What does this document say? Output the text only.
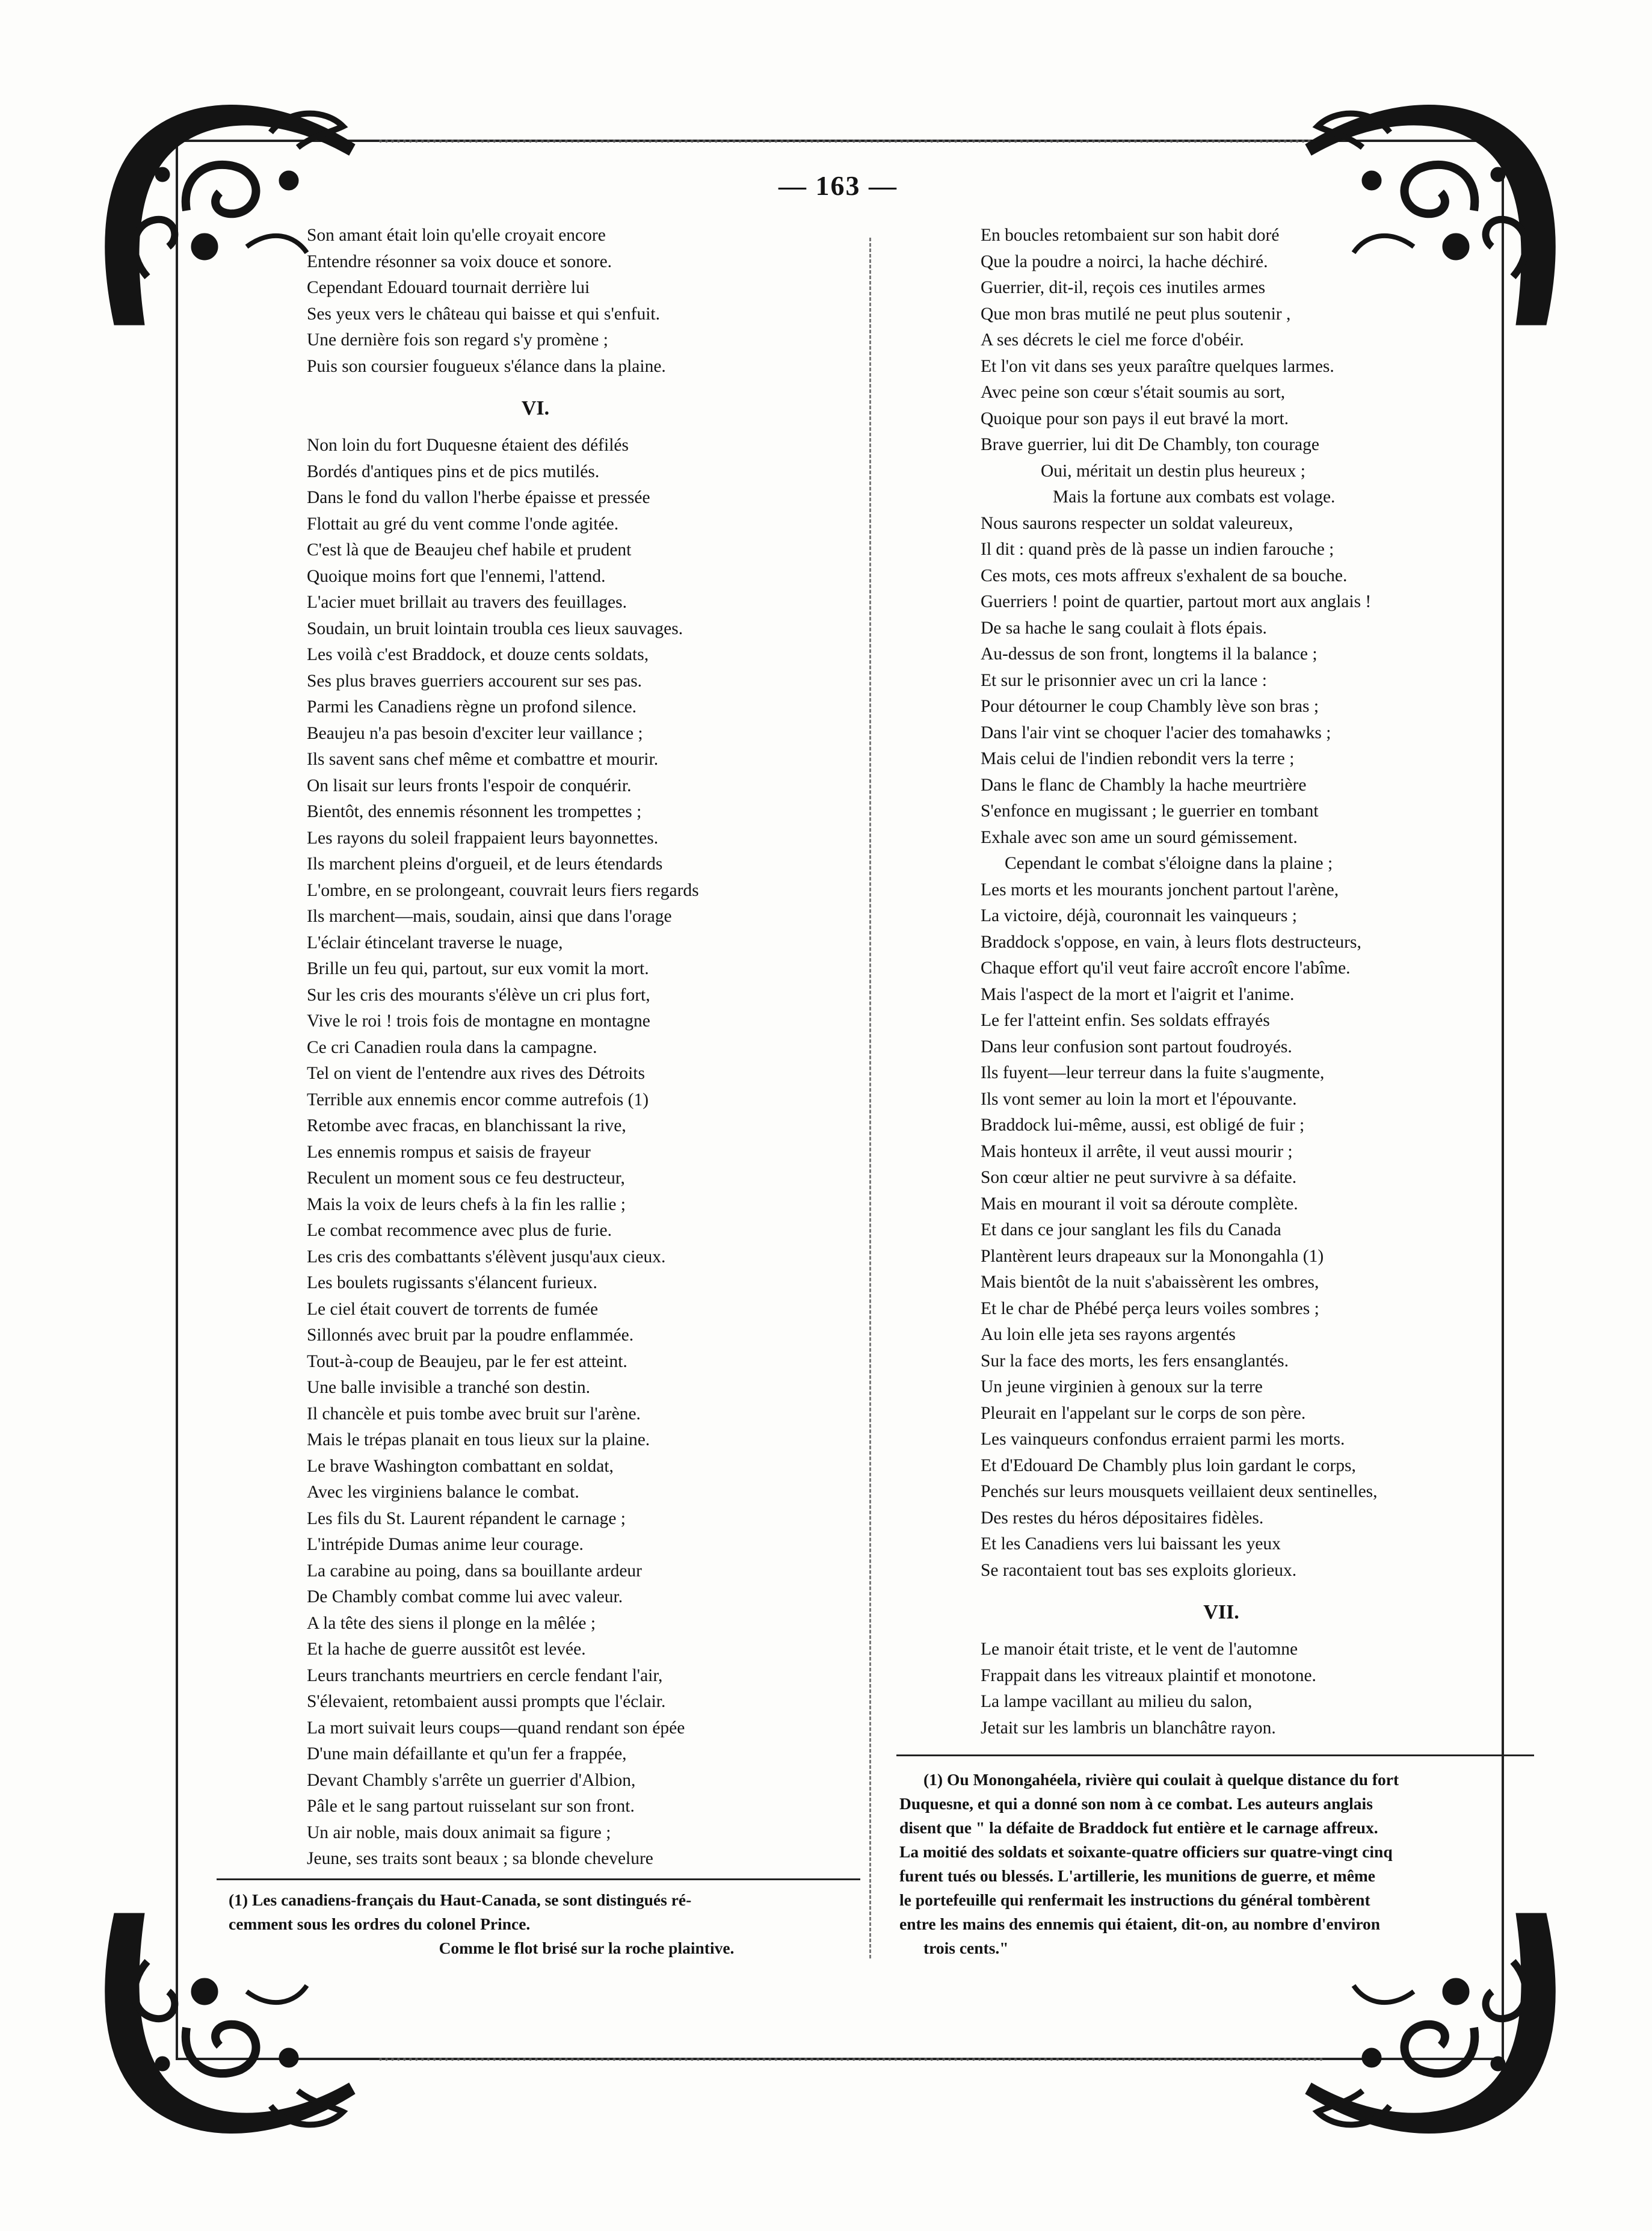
— 163 —
Son amant était loin qu'elle croyait encore
Entendre résonner sa voix douce et sonore.
Cependant Edouard tournait derrière lui
Ses yeux vers le château qui baisse et qui s'enfuit.
Une dernière fois son regard s'y promène ;
Puis son coursier fougueux s'élance dans la plaine.
VI.
Non loin du fort Duquesne étaient des défilés
Bordés d'antiques pins et de pics mutilés.
Dans le fond du vallon l'herbe épaisse et pressée
Flottait au gré du vent comme l'onde agitée.
C'est là que de Beaujeu chef habile et prudent
Quoique moins fort que l'ennemi, l'attend.
L'acier muet brillait au travers des feuillages.
Soudain, un bruit lointain troubla ces lieux sauvages.
Les voilà c'est Braddock, et douze cents soldats,
Ses plus braves guerriers accourent sur ses pas.
Parmi les Canadiens règne un profond silence.
Beaujeu n'a pas besoin d'exciter leur vaillance ;
Ils savent sans chef même et combattre et mourir.
On lisait sur leurs fronts l'espoir de conquérir.
Bientôt, des ennemis résonnent les trompettes ;
Les rayons du soleil frappaient leurs bayonnettes.
Ils marchent pleins d'orgueil, et de leurs étendards
L'ombre, en se prolongeant, couvrait leurs fiers regards
Ils marchent—mais, soudain, ainsi que dans l'orage
L'éclair étincelant traverse le nuage,
Brille un feu qui, partout, sur eux vomit la mort.
Sur les cris des mourants s'élève un cri plus fort,
Vive le roi ! trois fois de montagne en montagne
Ce cri Canadien roula dans la campagne.
Tel on vient de l'entendre aux rives des Détroits
Terrible aux ennemis encor comme autrefois (1)
Retombe avec fracas, en blanchissant la rive,
Les ennemis rompus et saisis de frayeur
Reculent un moment sous ce feu destructeur,
Mais la voix de leurs chefs à la fin les rallie ;
Le combat recommence avec plus de furie.
Les cris des combattants s'élèvent jusqu'aux cieux.
Les boulets rugissants s'élancent furieux.
Le ciel était couvert de torrents de fumée
Sillonnés avec bruit par la poudre enflammée.
Tout-à-coup de Beaujeu, par le fer est atteint.
Une balle invisible a tranché son destin.
Il chancèle et puis tombe avec bruit sur l'arène.
Mais le trépas planait en tous lieux sur la plaine.
Le brave Washington combattant en soldat,
Avec les virginiens balance le combat.
Les fils du St. Laurent répandent le carnage ;
L'intrépide Dumas anime leur courage.
La carabine au poing, dans sa bouillante ardeur
De Chambly combat comme lui avec valeur.
A la tête des siens il plonge en la mêlée ;
Et la hache de guerre aussitôt est levée.
Leurs tranchants meurtriers en cercle fendant l'air,
S'élevaient, retombaient aussi prompts que l'éclair.
La mort suivait leurs coups—quand rendant son épée
D'une main défaillante et qu'un fer a frappée,
Devant Chambly s'arrête un guerrier d'Albion,
Pâle et le sang partout ruisselant sur son front.
Un air noble, mais doux animait sa figure ;
Jeune, ses traits sont beaux ; sa blonde chevelure
En boucles retombaient sur son habit doré
Que la poudre a noirci, la hache déchiré.
Guerrier, dit-il, reçois ces inutiles armes
Que mon bras mutilé ne peut plus soutenir ,
A ses décrets le ciel me force d'obéir.
Et l'on vit dans ses yeux paraître quelques larmes.
Avec peine son cœur s'était soumis au sort,
Quoique pour son pays il eut bravé la mort.
Brave guerrier, lui dit De Chambly, ton courage
Oui, méritait un destin plus heureux ;
Mais la fortune aux combats est volage.
Nous saurons respecter un soldat valeureux,
Il dit : quand près de là passe un indien farouche ;
Ces mots, ces mots affreux s'exhalent de sa bouche.
Guerriers ! point de quartier, partout mort aux anglais !
De sa hache le sang coulait à flots épais.
Au-dessus de son front, longtems il la balance ;
Et sur le prisonnier avec un cri la lance :
Pour détourner le coup Chambly lève son bras ;
Dans l'air vint se choquer l'acier des tomahawks ;
Mais celui de l'indien rebondit vers la terre ;
Dans le flanc de Chambly la hache meurtrière
S'enfonce en mugissant ; le guerrier en tombant
Exhale avec son ame un sourd gémissement.
Cependant le combat s'éloigne dans la plaine ;
Les morts et les mourants jonchent partout l'arène,
La victoire, déjà, couronnait les vainqueurs ;
Braddock s'oppose, en vain, à leurs flots destructeurs,
Chaque effort qu'il veut faire accroît encore l'abîme.
Mais l'aspect de la mort et l'aigrit et l'anime.
Le fer l'atteint enfin. Ses soldats effrayés
Dans leur confusion sont partout foudroyés.
Ils fuyent—leur terreur dans la fuite s'augmente,
Ils vont semer au loin la mort et l'épouvante.
Braddock lui-même, aussi, est obligé de fuir ;
Mais honteux il arrête, il veut aussi mourir ;
Son cœur altier ne peut survivre à sa défaite.
Mais en mourant il voit sa déroute complète.
Et dans ce jour sanglant les fils du Canada
Plantèrent leurs drapeaux sur la Monongahla (1)
Mais bientôt de la nuit s'abaissèrent les ombres,
Et le char de Phébé perça leurs voiles sombres ;
Au loin elle jeta ses rayons argentés
Sur la face des morts, les fers ensanglantés.
Un jeune virginien à genoux sur la terre
Pleurait en l'appelant sur le corps de son père.
Les vainqueurs confondus erraient parmi les morts.
Et d'Edouard De Chambly plus loin gardant le corps,
Penchés sur leurs mousquets veillaient deux sentinelles,
Des restes du héros dépositaires fidèles.
Et les Canadiens vers lui baissant les yeux
Se racontaient tout bas ses exploits glorieux.
VII.
Le manoir était triste, et le vent de l'automne
Frappait dans les vitreaux plaintif et monotone.
La lampe vacillant au milieu du salon,
Jetait sur les lambris un blanchâtre rayon.
(1) Les canadiens-français du Haut-Canada, se sont distingués ré-
cemment sous les ordres du colonel Prince.
Comme le flot brisé sur la roche plaintive.
(1) Ou Monongahéela, rivière qui coulait à quelque distance du fort
Duquesne, et qui a donné son nom à ce combat. Les auteurs anglais
disent que " la défaite de Braddock fut entière et le carnage affreux.
La moitié des soldats et soixante-quatre officiers sur quatre-vingt cinq
furent tués ou blessés. L'artillerie, les munitions de guerre, et même
le portefeuille qui renfermait les instructions du général tombèrent
entre les mains des ennemis qui étaient, dit-on, au nombre d'environ
trois cents."
